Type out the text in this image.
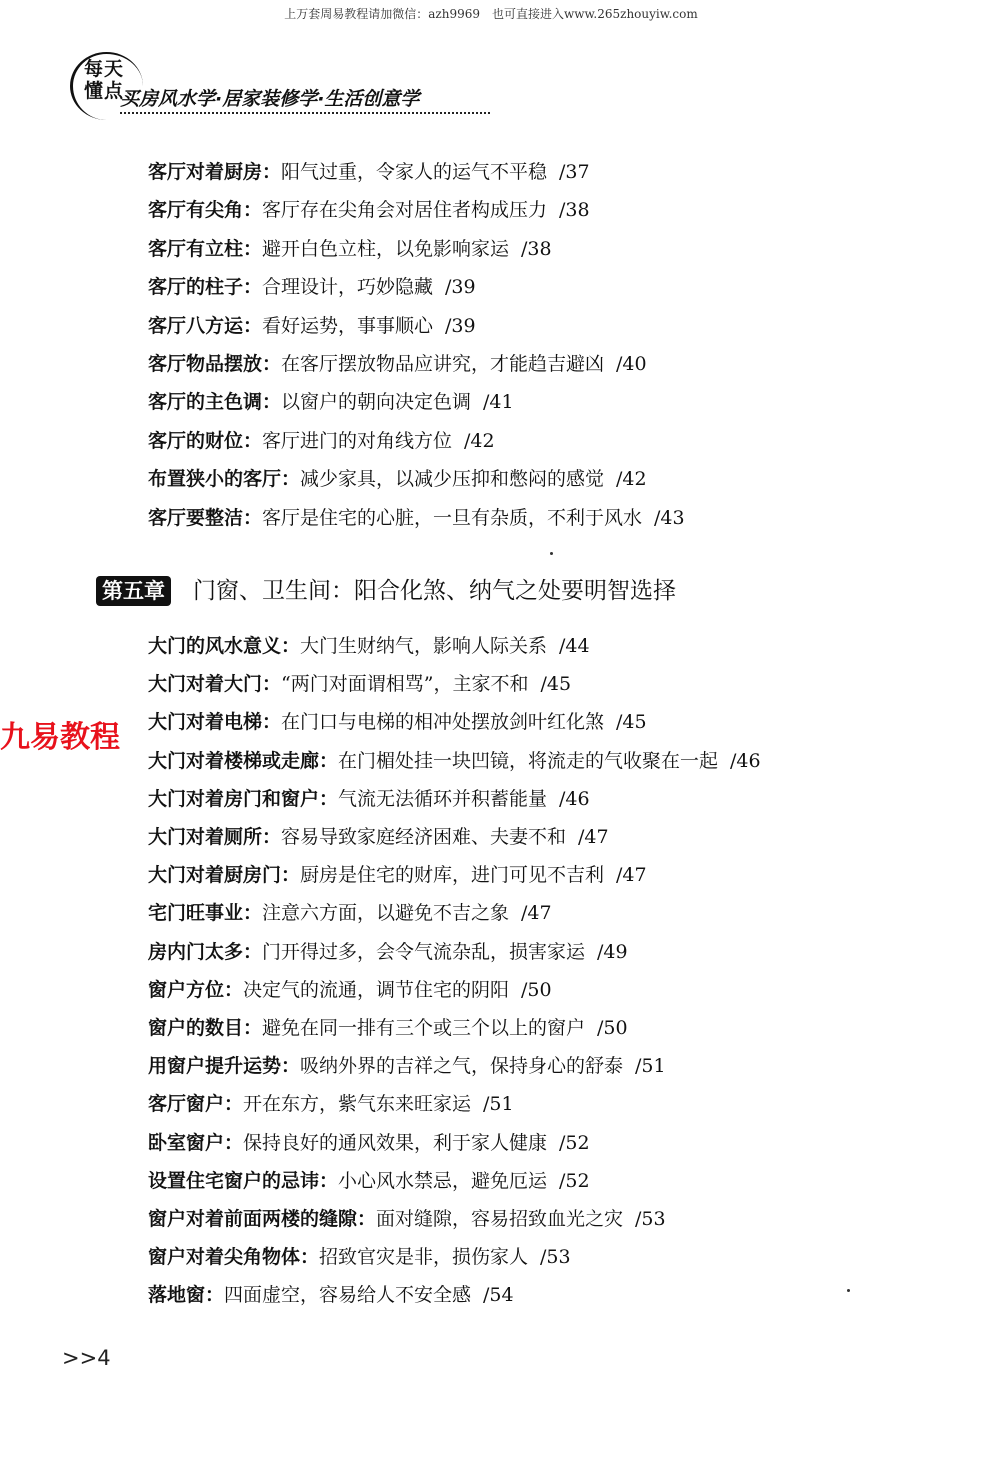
上万套周易教程请加微信：azh9969　也可直接进入www.265zhouyiw.com
每天
懂点
买房风水学·居家装修学·生活创意学
客厅对着厨房：阳气过重，令家人的运气不平稳 /37
客厅有尖角：客厅存在尖角会对居住者构成压力 /38
客厅有立柱：避开白色立柱，以免影响家运 /38
客厅的柱子：合理设计，巧妙隐藏 /39
客厅八方运：看好运势，事事顺心 /39
客厅物品摆放：在客厅摆放物品应讲究，才能趋吉避凶 /40
客厅的主色调：以窗户的朝向决定色调 /41
客厅的财位：客厅进门的对角线方位 /42
布置狭小的客厅：减少家具，以减少压抑和憋闷的感觉 /42
客厅要整洁：客厅是住宅的心脏，一旦有杂质，不利于风水 /43
第五章 门窗、卫生间：阳合化煞、纳气之处要明智选择
大门的风水意义：大门生财纳气，影响人际关系 /44
大门对着大门：“两门对面谓相骂”，主家不和 /45
大门对着电梯：在门口与电梯的相冲处摆放剑叶红化煞 /45
大门对着楼梯或走廊：在门楣处挂一块凹镜，将流走的气收聚在一起 /46
大门对着房门和窗户：气流无法循环并积蓄能量 /46
大门对着厕所：容易导致家庭经济困难、夫妻不和 /47
大门对着厨房门：厨房是住宅的财库，进门可见不吉利 /47
宅门旺事业：注意六方面，以避免不吉之象 /47
房内门太多：门开得过多，会令气流杂乱，损害家运 /49
窗户方位：决定气的流通，调节住宅的阴阳 /50
窗户的数目：避免在同一排有三个或三个以上的窗户 /50
用窗户提升运势：吸纳外界的吉祥之气，保持身心的舒泰 /51
客厅窗户：开在东方，紫气东来旺家运 /51
卧室窗户：保持良好的通风效果，利于家人健康 /52
设置住宅窗户的忌讳：小心风水禁忌，避免厄运 /52
窗户对着前面两楼的缝隙：面对缝隙，容易招致血光之灾 /53
窗户对着尖角物体：招致官灾是非，损伤家人 /53
落地窗：四面虚空，容易给人不安全感 /54
九易教程
>>4
